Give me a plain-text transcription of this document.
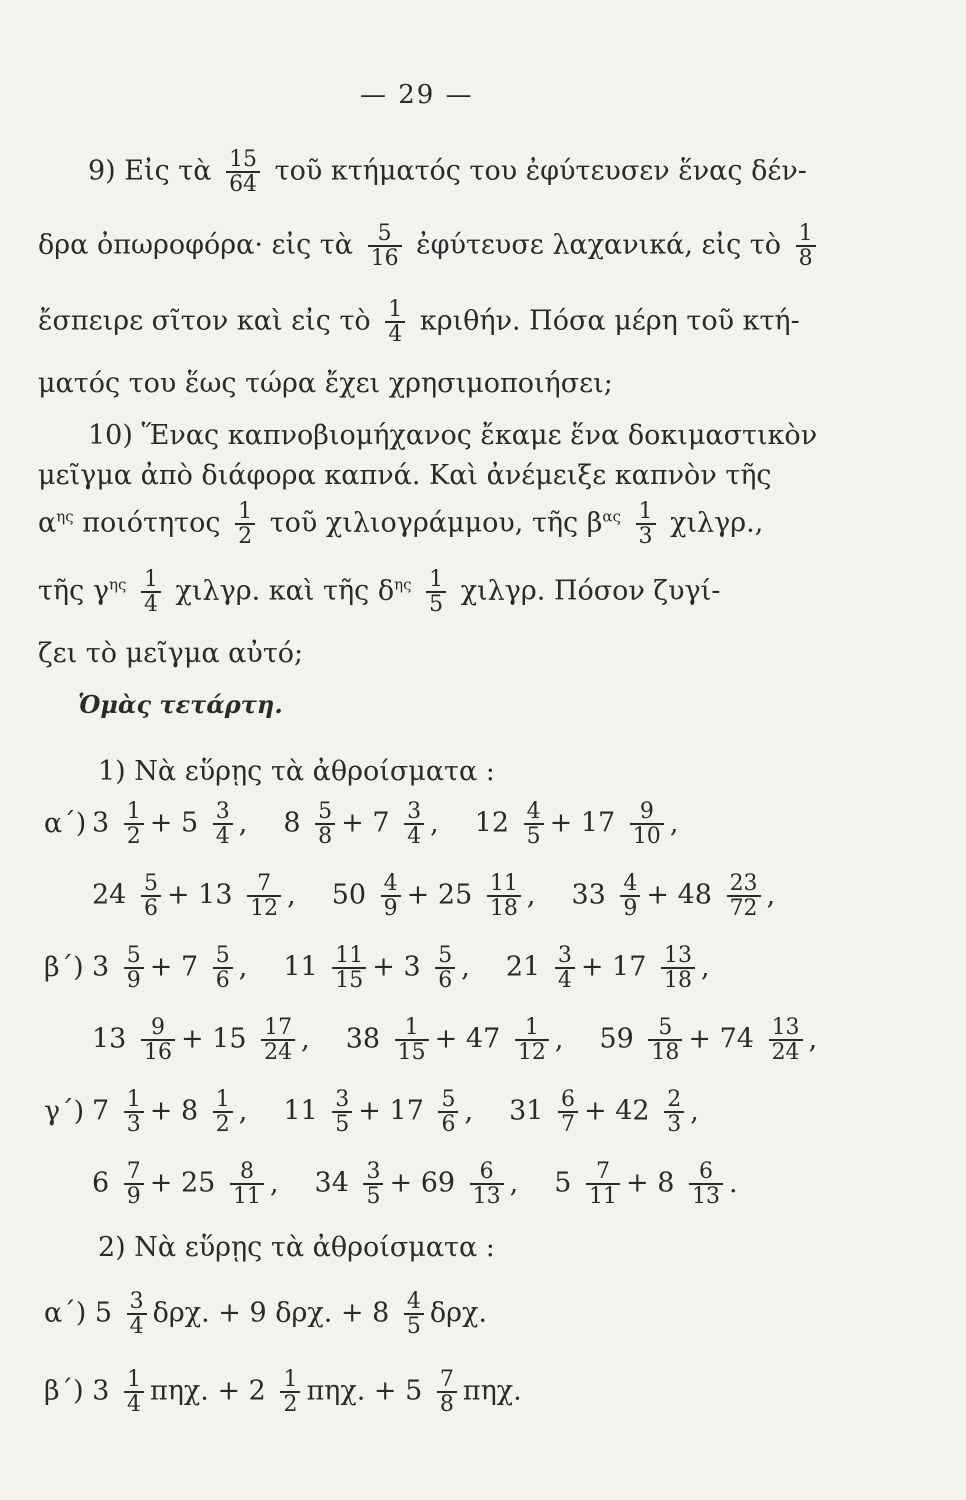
— 29 —
9) Εἰς τὰ $\frac{15}{64}$ τοῦ κτήματός του ἐφύτευσεν ἕνας δέν-
δρα ὀπωροφόρα· εἰς τὰ $\frac{5}{16}$ ἐφύτευσε λαχανικά, εἰς τὸ $\frac{1}{8}$
ἔσπειρε σῖτον καὶ εἰς τὸ $\frac{1}{4} \kappa\rho\iota\theta ή\nu$. Πόσα μέρη τοῦ κτή-
ματός του ἕως τώρα ἔχει χρησιμοποιήσει;
10) Ἕνας καπνοβιομήχανος ἔκαμε ἕνα δοκιμαστικὸν
μεῖγμα ἀπὸ διάφορα καπνά. Καὶ ἀνέμειξε καπνὸν τῆς
$\alpha^{\eta\varsigma}$ ποιότητος $\frac{1}{2}$ τοῦ χιλιογράμμου, τῆς $\beta^{\alpha\varsigma} \frac{1}{3} \chi\iota\lambda\gamma\rho$.,
τῆς $\gamma^{\eta\varsigma} \frac{1}{4} \chi\iota\lambda\gamma\rho$. καὶ τῆς $\delta^{\eta\varsigma} \frac{1}{5} \chi\iota\lambda\gamma\rho$. Πόσον ζυγί-
ζει τὸ μεῖγμα αὐτό;
Ὁμὰς τετάρτη.
1) Νὰ εὕρῃς τὰ ἀθροίσματα :
α΄) $3 \frac{1}{2} + 5 \frac{3}{4}$ , $8 \frac{5}{8} + 7 \frac{3}{4}$ , $12 \frac{4}{5} + 17 \frac{9}{10}$ ,
$24 \frac{5}{6} + 13 \frac{7}{12}$ , $50 \frac{4}{9} + 25 \frac{11}{18}$ , $33 \frac{4}{9} + 48 \frac{23}{72}$ ,
β΄) $3 \frac{5}{9} + 7 \frac{5}{6}$ , $11 \frac{11}{15} + 3 \frac{5}{6}$ , $21 \frac{3}{4} + 17 \frac{13}{18}$ ,
$13 \frac{9}{16} + 15 \frac{17}{24}$ , $38 \frac{1}{15} + 47 \frac{1}{12}$ , $59 \frac{5}{18} + 74 \frac{13}{24}$ ,
γ΄) $7 \frac{1}{3} + 8 \frac{1}{2}$ , $11 \frac{3}{5} + 17 \frac{5}{6}$ , $31 \frac{6}{7} + 42 \frac{2}{3}$ ,
$6 \frac{7}{9} + 25 \frac{8}{11}$ , $34 \frac{3}{5} + 69 \frac{6}{13}$ , $5 \frac{7}{11} + 8 \frac{6}{13}$ .
2) Νὰ εὕρῃς τὰ ἀθροίσματα :
α΄) $5 \frac{3}{4} \delta\rho\chi$. + 9 δρχ. + $8 \frac{4}{5} \delta\rho\chi$.
β΄) $3 \frac{1}{4} \pi\eta\chi$. + $2 \frac{1}{2} \pi\eta\chi$. + $5 \frac{7}{8} \pi\eta\chi$.
